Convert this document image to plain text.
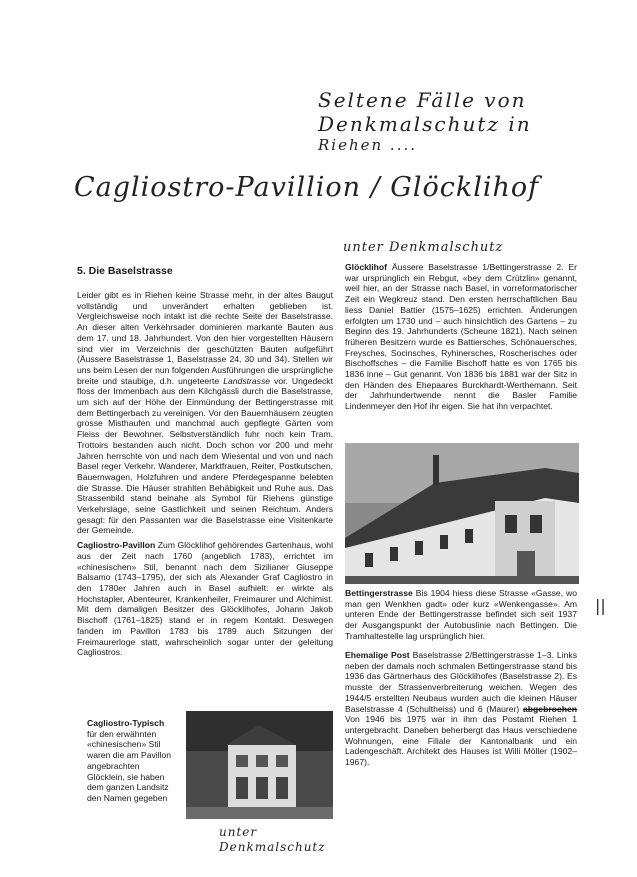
Seltene Fälle von
Denkmalschutz in
Riehen ....
Cagliostro-Pavillion / Glöcklihof
unter Denkmalschutz
5. Die Baselstrasse

Leider gibt es in Riehen keine Strasse mehr, in der altes Baugut vollständig und unverändert erhalten geblieben ist. Vergleichsweise noch intakt ist die rechte Seite der Baselstrasse. An dieser alten Verkehrsader dominieren markante Bauten aus dem 17. und 18. Jahrhundert. Von den hier vorgestellten Häusern sind vier im Verzeichnis der geschützten Bauten aufgeführt (Äussere Baselstrasse 1, Baselstrasse 24, 30 und 34). Stellen wir uns beim Lesen der nun folgenden Ausführungen die ursprüngliche breite und staubige, d.h. ungeteerte Landstrasse vor. Ungedeckt floss der Immenbach aus dem Kilchgässli durch die Baselstrasse, um sich auf der Höhe der Einmündung der Bettingerstrasse mit dem Bettingerbach zu vereinigen. Vor den Bauernhäusern zeugten grosse Misthaufen und manchmal auch gepflegte Gärten vom Fleiss der Bewohner. Selbstverständlich fuhr noch kein Tram. Trottoirs bestanden auch nicht. Doch schon vor 200 und mehr Jahren herrschte von und nach dem Wiesental und von und nach Basel reger Verkehr. Wanderer, Marktfrauen, Reiter, Postkutschen, Bauernwagen, Holzfuhren und andere Pferdegespanne belebten die Strasse. Die Häuser strahlten Behäbigkeit und Ruhe aus. Das Strassenbild stand beinahe als Symbol für Riehens günstige Verkehrslage, seine Gastlichkeit und seinen Reichtum. Anders gesagt: für den Passanten war die Baselstrasse eine Visitenkarte der Gemeinde.

Cagliostro-Pavillon Zum Glöcklihof gehörendes Gartenhaus, wohl aus der Zeit nach 1760 (angeblich 1783), errichtet im «chinesischen» Stil, benannt nach dem Sizilianer Giuseppe Balsamo (1743–1795), der sich als Alexander Graf Cagliostro in den 1780er Jahren auch in Basel aufhielt: er wirkte als Hochstapler, Abenteurer, Krankenheiler, Freimaurer und Alchimist. Mit dem damaligen Besitzer des Glöcklihofes, Johann Jakob Bischoff (1761–1825) stand er in regem Kontakt. Deswegen fanden im Pavillon 1783 bis 1789 auch Sitzungen der Freimaurerloge statt, wahrscheinlich sogar unter der geleitung Cagliostros.

Cagliostro-Typisch
für den erwähnten «chinesischen» Stil waren die am Pavillon angebrachten Glöcklein, sie haben dem ganzen Landsitz den Namen gegeben

Glöcklihof Äussere Baselstrasse 1/Bettingerstrasse 2. Er war ursprünglich ein Rebgut, «bey dem Crützlin» genannt, weil hier, an der Strasse nach Basel, in vorreformatorischer Zeit ein Wegkreuz stand. Den ersten herrschaftlichen Bau liess Daniel Battier (1575–1625) errichten. Änderungen erfolgten um 1730 und – auch hinsichtlich des Gartens – zu Beginn des 19. Jahrhunderts (Scheune 1821). Nach seinen früheren Besitzern wurde es Battiersches, Schönauersches, Freysches, Socinsches, Ryhinersches, Roscherisches oder Bischoffsches – die Familie Bischoff hatte es von 1765 bis 1836 inne – Gut genannt. Von 1836 bis 1881 war der Sitz in den Händen des Ehepaares Burckhardt-Werthemann. Seit der Jahrhundertwende nennt die Basler Familie Lindenmeyer den Hof ihr eigen. Sie hat ihn verpachtet.

Bettingerstrasse Bis 1904 hiess diese Strasse «Gasse, wo man gen Wenkhen gadt» oder kurz «Wenkengasse». Am unteren Ende der Bettingerstrasse befindet sich seit 1937 der Ausgangspunkt der Autobuslinie nach Bettingen. Die Tramhaltestelle lag ursprünglich hier.

||

Ehemalige Post Baselstrasse 2/Bettingerstrasse 1–3. Links neben der damals noch schmalen Bettingerstrasse stand bis 1936 das Gärtnerhaus des Glöcklihofes (Baselstrasse 2). Es musste der Strassenverbreiterung weichen. Wegen des 1944/5 erstellten Neubaus wurden auch die kleinen Häuser Baselstrasse 4 (Schultheiss) und 6 (Maurer) abgebrochen Von 1946 bis 1975 war in ihm das Postamt Riehen 1 untergebracht. Daneben beherbergt das Haus verschiedene Wohnungen, eine Filiale der Kantonalbank und ein Ladengeschäft. Architekt des Hauses ist Willi Möller (1902–1967).

unter
Denkmalschutz
